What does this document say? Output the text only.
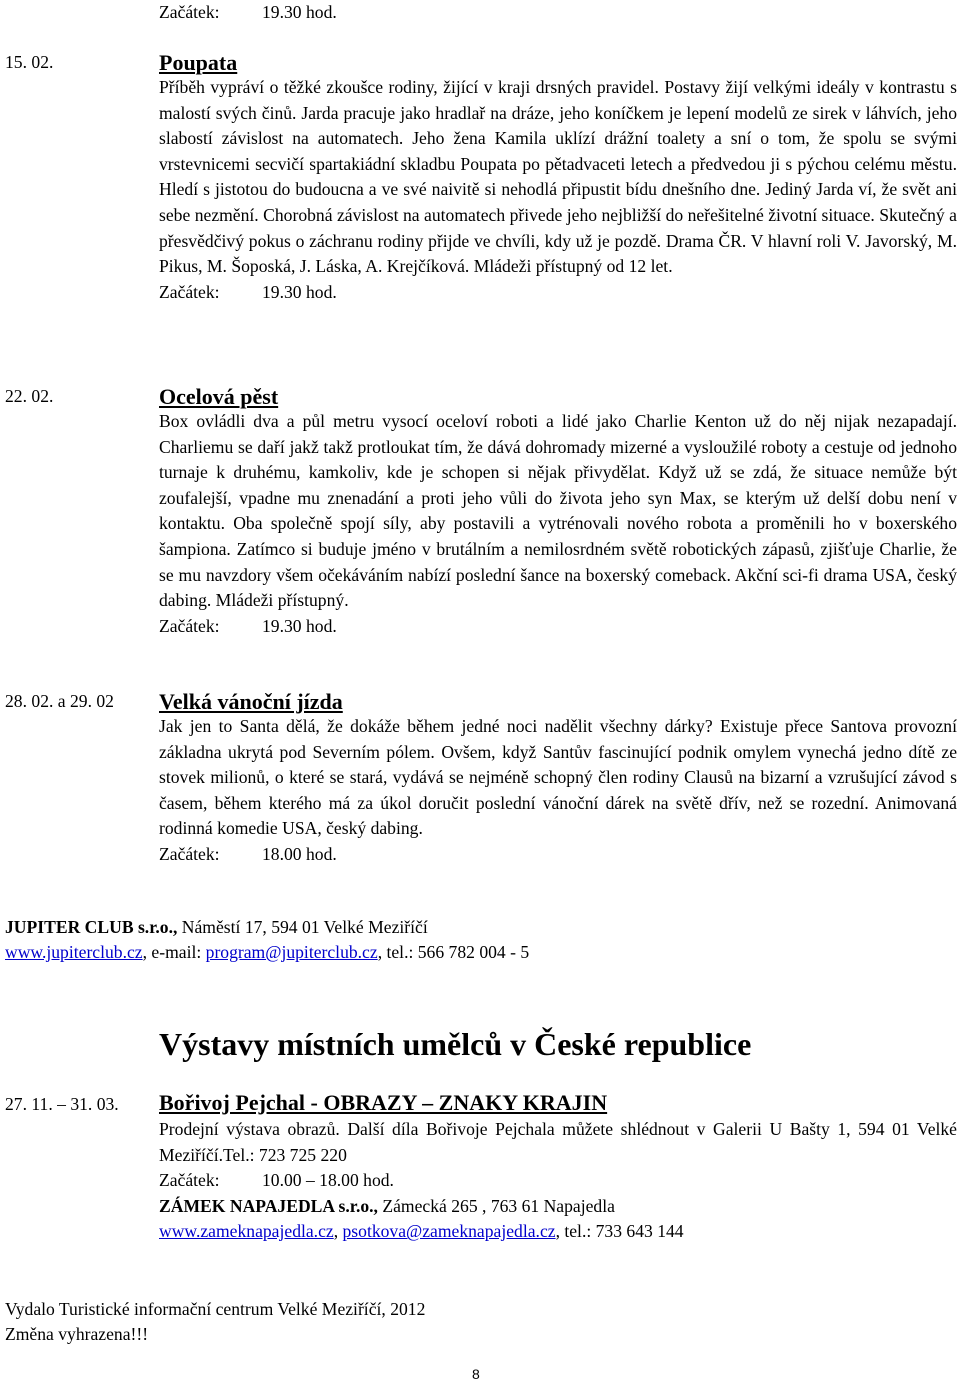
Začátek: 19.30 hod.
15. 02.	Poupata

Příběh vypráví o těžké zkoušce rodiny, žijící v kraji drsných pravidel. Postavy žijí velkými ideály v kontrastu s malostí svých činů. Jarda pracuje jako hradlař na dráze, jeho koníčkem je lepení modelů ze sirek v láhvích, jeho slabostí závislost na automatech. Jeho žena Kamila uklízí drážní toalety a sní o tom, že spolu se svými vrstevnicemi secvičí spartakiádní skladbu Poupata po pětadvaceti letech a předvedou ji s pýchou celému městu. Hledí s jistotou do budoucna a ve své naivitě si nehodlá připustit bídu dnešního dne. Jediný Jarda ví, že svět ani sebe nezmění. Chorobná závislost na automatech přivede jeho nejbližší do neřešitelné životní situace. Skutečný a přesvědčivý pokus o záchranu rodiny přijde ve chvíli, kdy už je pozdě. Drama ČR. V hlavní roli V. Javorský, M. Pikus, M. Šoposká, J. Láska, A. Krejčíková. Mládeži přístupný od 12 let.

Začátek: 19.30 hod.

22. 02.	Ocelová pěst

Box ovládli dva a půl metru vysocí oceloví roboti a lidé jako Charlie Kenton už do něj nijak nezapadají. Charliemu se daří jakž takž protloukat tím, že dává dohromady mizerné a vysloužilé roboty a cestuje od jednoho turnaje k druhému, kamkoliv, kde je schopen si nějak přivydělat. Když už se zdá, že situace nemůže být zoufalejší, vpadne mu znenadání a proti jeho vůli do života jeho syn Max, se kterým už delší dobu není v kontaktu. Oba společně spojí síly, aby postavili a vytrénovali nového robota a proměnili ho v boxerského šampiona. Zatímco si buduje jméno v brutálním a nemilosrdném světě robotických zápasů, zjišťuje Charlie, že se mu navzdory všem očekáváním nabízí poslední šance na boxerský comeback. Akční sci-fi drama USA, český dabing. Mládeži přístupný.

Začátek: 19.30 hod.

28. 02. a 29. 02 Velká vánoční jízda

Jak jen to Santa dělá, že dokáže během jedné noci nadělit všechny dárky? Existuje přece Santova provozní základna ukrytá pod Severním pólem. Ovšem, když Santův fascinující podnik omylem vynechá jedno dítě ze stovek milionů, o které se stará, vydává se nejméně schopný člen rodiny Clausů na bizarní a vzrušující závod s časem, během kterého má za úkol doručit poslední vánoční dárek na světě dřív, než se rozední. Animovaná rodinná komedie USA, český dabing.

Začátek: 18.00 hod.

JUPITER CLUB s.r.o., Náměstí 17, 594 01 Velké Meziříčí
www.jupiterclub.cz, e-mail: program@jupiterclub.cz, tel.: 566 782 004 - 5
Výstavy místních umělců v České republice
27. 11. – 31. 03. Bořivoj Pejchal - OBRAZY – ZNAKY KRAJIN

Prodejní výstava obrazů. Další díla Bořivoje Pejchala můžete shlédnout v Galerii U Bašty 1, 594 01 Velké Meziříčí.Tel.: 723 725 220

Začátek: 10.00 – 18.00 hod.

ZÁMEK NAPAJEDLA s.r.o., Zámecká 265 , 763 61 Napajedla

www.zameknapajedla.cz, psotkova@zameknapajedla.cz, tel.: 733 643 144

Vydalo Turistické informační centrum Velké Meziříčí, 2012
Změna vyhrazena!!!
8
